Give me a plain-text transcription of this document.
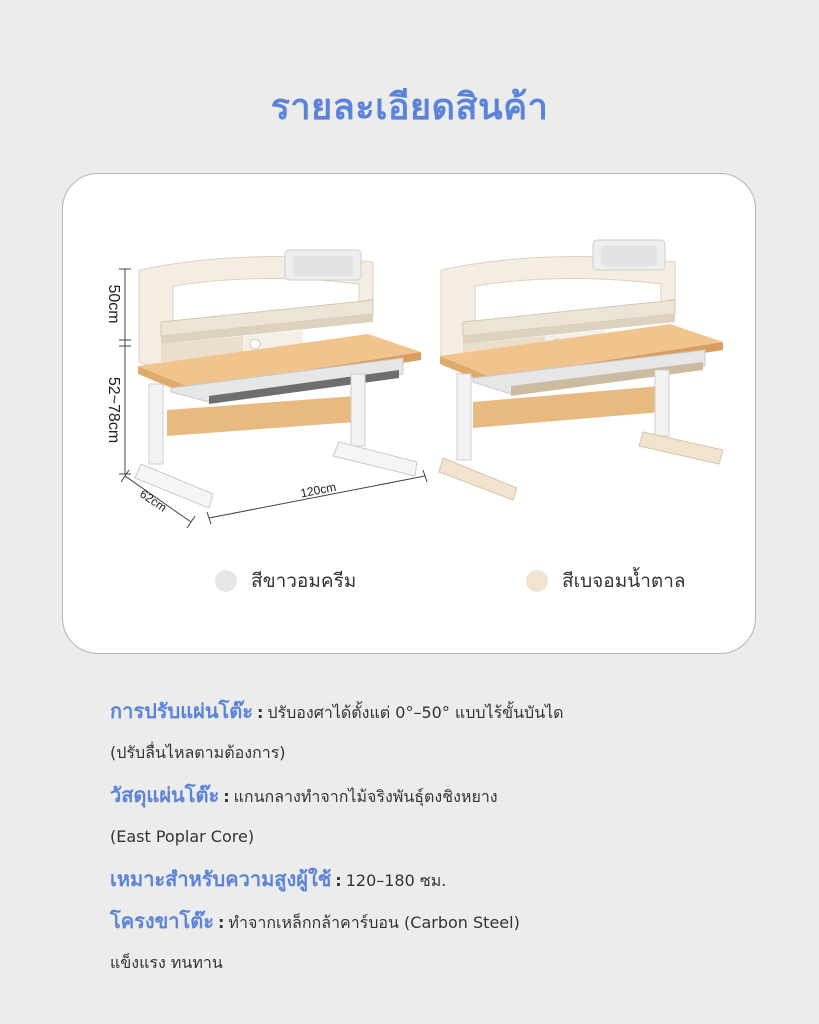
รายละเอียดสินค้า
50cm
52~78cm
62cm	120cm
สีขาวอมครีม	สีเบจอมน้ำตาล
การปรับแผ่นโต๊ะ : ปรับองศาได้ตั้งแต่ 0°–50° แบบไร้ขั้นบันได
(ปรับลื่นไหลตามต้องการ)
วัสดุแผ่นโต๊ะ : แกนกลางทำจากไม้จริงพันธุ์ตงชิงหยาง
(East Poplar Core)
เหมาะสำหรับความสูงผู้ใช้ : 120–180 ซม.
โครงขาโต๊ะ : ทำจากเหล็กกล้าคาร์บอน (Carbon Steel)
แข็งแรง ทนทาน
